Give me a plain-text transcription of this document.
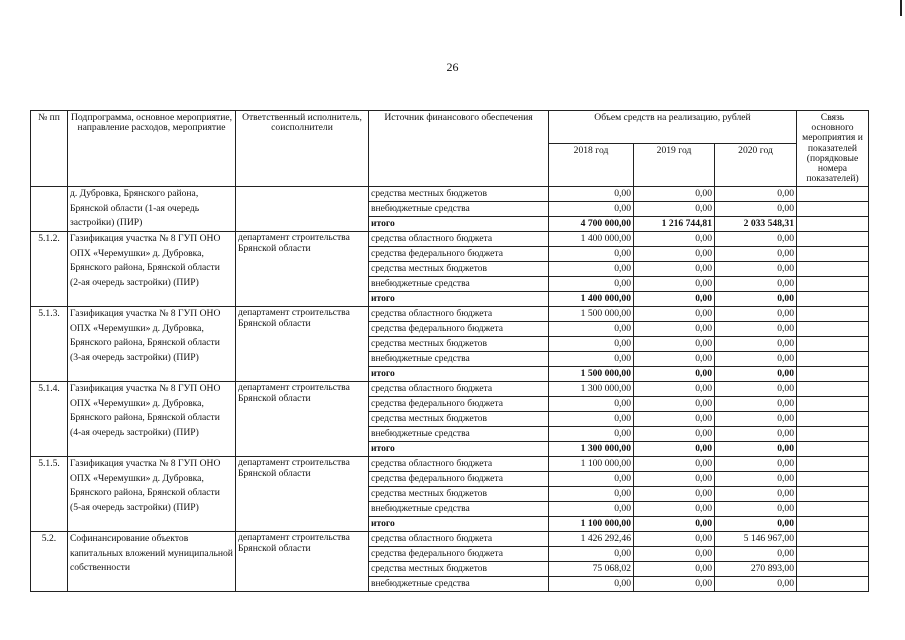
26
№ пп	Подпрограмма, основное мероприятие, направление расходов, мероприятие	Ответственный исполнитель, соисполнители	Источник финансового обеспечения	Объем средств на реализацию, рублей			Связь основного мероприятия и показателей (порядковые номера показателей)
				2018 год	2019 год	2020 год	
	д. Дубровка, Брянского района, Брянской области (1-ая очередь застройки) (ПИР)		средства местных бюджетов	0,00	0,00	0,00	
			внебюджетные средства	0,00	0,00	0,00	
			итого	4 700 000,00	1 216 744,81	2 033 548,31	
5.1.2.	Газификация участка № 8 ГУП ОНО ОПХ «Черемушки» д. Дубровка, Брянского района, Брянской области (2-ая очередь застройки) (ПИР)	департамент строительства Брянской области	средства областного бюджета	1 400 000,00	0,00	0,00	
			средства федерального бюджета	0,00	0,00	0,00	
			средства местных бюджетов	0,00	0,00	0,00	
			внебюджетные средства	0,00	0,00	0,00	
			итого	1 400 000,00	0,00	0,00	
5.1.3.	Газификация участка № 8 ГУП ОНО ОПХ «Черемушки» д. Дубровка, Брянского района, Брянской области (3-ая очередь застройки) (ПИР)	департамент строительства Брянской области	средства областного бюджета	1 500 000,00	0,00	0,00	
			средства федерального бюджета	0,00	0,00	0,00	
			средства местных бюджетов	0,00	0,00	0,00	
			внебюджетные средства	0,00	0,00	0,00	
			итого	1 500 000,00	0,00	0,00	
5.1.4.	Газификация участка № 8 ГУП ОНО ОПХ «Черемушки» д. Дубровка, Брянского района, Брянской области (4-ая очередь застройки) (ПИР)	департамент строительства Брянской области	средства областного бюджета	1 300 000,00	0,00	0,00	
			средства федерального бюджета	0,00	0,00	0,00	
			средства местных бюджетов	0,00	0,00	0,00	
			внебюджетные средства	0,00	0,00	0,00	
			итого	1 300 000,00	0,00	0,00	
5.1.5.	Газификация участка № 8 ГУП ОНО ОПХ «Черемушки» д. Дубровка, Брянского района, Брянской области (5-ая очередь застройки) (ПИР)	департамент строительства Брянской области	средства областного бюджета	1 100 000,00	0,00	0,00	
			средства федерального бюджета	0,00	0,00	0,00	
			средства местных бюджетов	0,00	0,00	0,00	
			внебюджетные средства	0,00	0,00	0,00	
			итого	1 100 000,00	0,00	0,00	
5.2.	Софинансирование объектов капитальных вложений муниципальной собственности	департамент строительства Брянской области	средства областного бюджета	1 426 292,46	0,00	5 146 967,00	
			средства федерального бюджета	0,00	0,00	0,00	
			средства местных бюджетов	75 068,02	0,00	270 893,00	
			внебюджетные средства	0,00	0,00	0,00	
